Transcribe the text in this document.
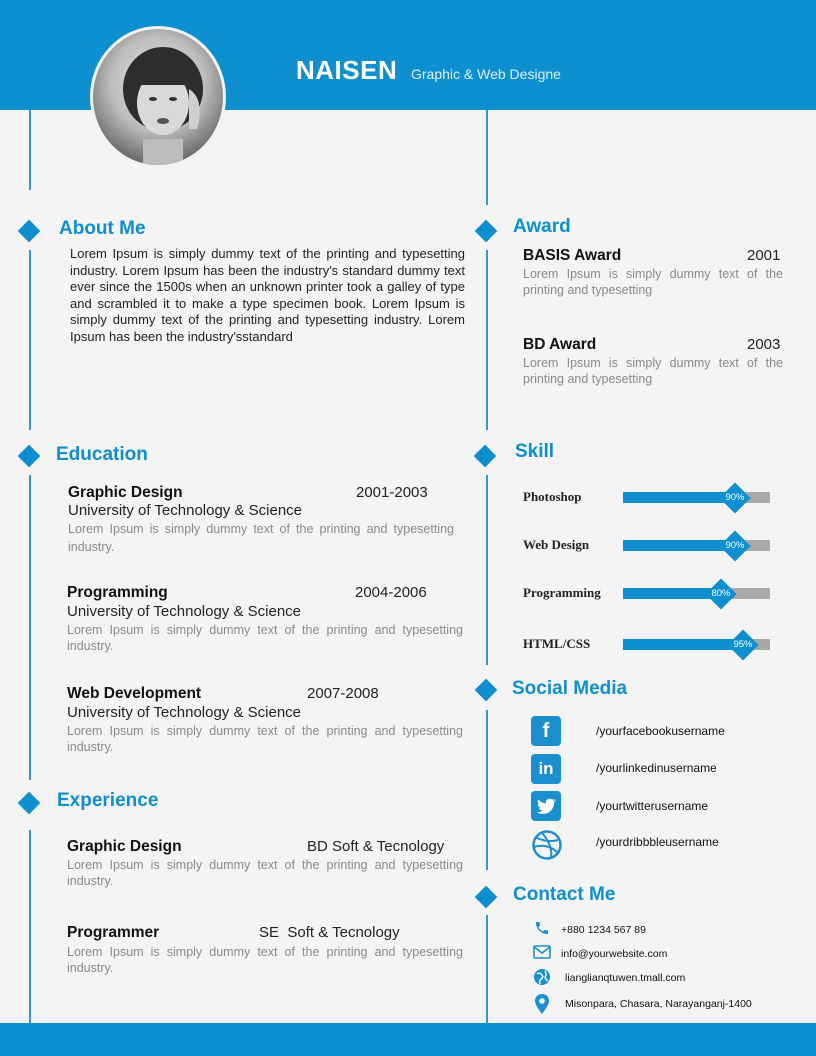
NAISEN Graphic & Web Designe
About Me
Lorem Ipsum is simply dummy text of the printing and typesetting industry. Lorem Ipsum has been the industry's standard dummy text ever since the 1500s when an unknown printer took a galley of type and scrambled it to make a type specimen book. Lorem Ipsum is simply dummy text of the printing and typesetting industry. Lorem Ipsum has been the industry'sstandard
Education
Graphic Design	2001-2003
University of Technology & Science
Lorem Ipsum is simply dummy text of the printing and typesetting industry.
Programming	2004-2006
University of Technology & Science
Lorem Ipsum is simply dummy text of the printing and typesetting industry.
Web Development	2007-2008
University of Technology & Science
Lorem Ipsum is simply dummy text of the printing and typesetting industry.
Experience
Graphic Design	BD Soft & Tecnology
Lorem Ipsum is simply dummy text of the printing and typesetting industry.
Programmer	SE  Soft & Tecnology
Lorem Ipsum is simply dummy text of the printing and typesetting industry.
Award
BASIS Award	2001
Lorem Ipsum is simply dummy text of the printing and typesetting
BD Award	2003
Lorem Ipsum is simply dummy text of the printing and typesetting
Skill
Photoshop	90%
Web Design	90%
Programming	80%
HTML/CSS	95%
Social Media
f	/yourfacebookusername
in	/yourlinkedinusername
/yourtwitterusername
/yourdribbbleusername
Contact Me
+880 1234 567 89
info@yourwebsite.com
lianglianqtuwen.tmall.com
Misonpara, Chasara, Narayanganj-1400
